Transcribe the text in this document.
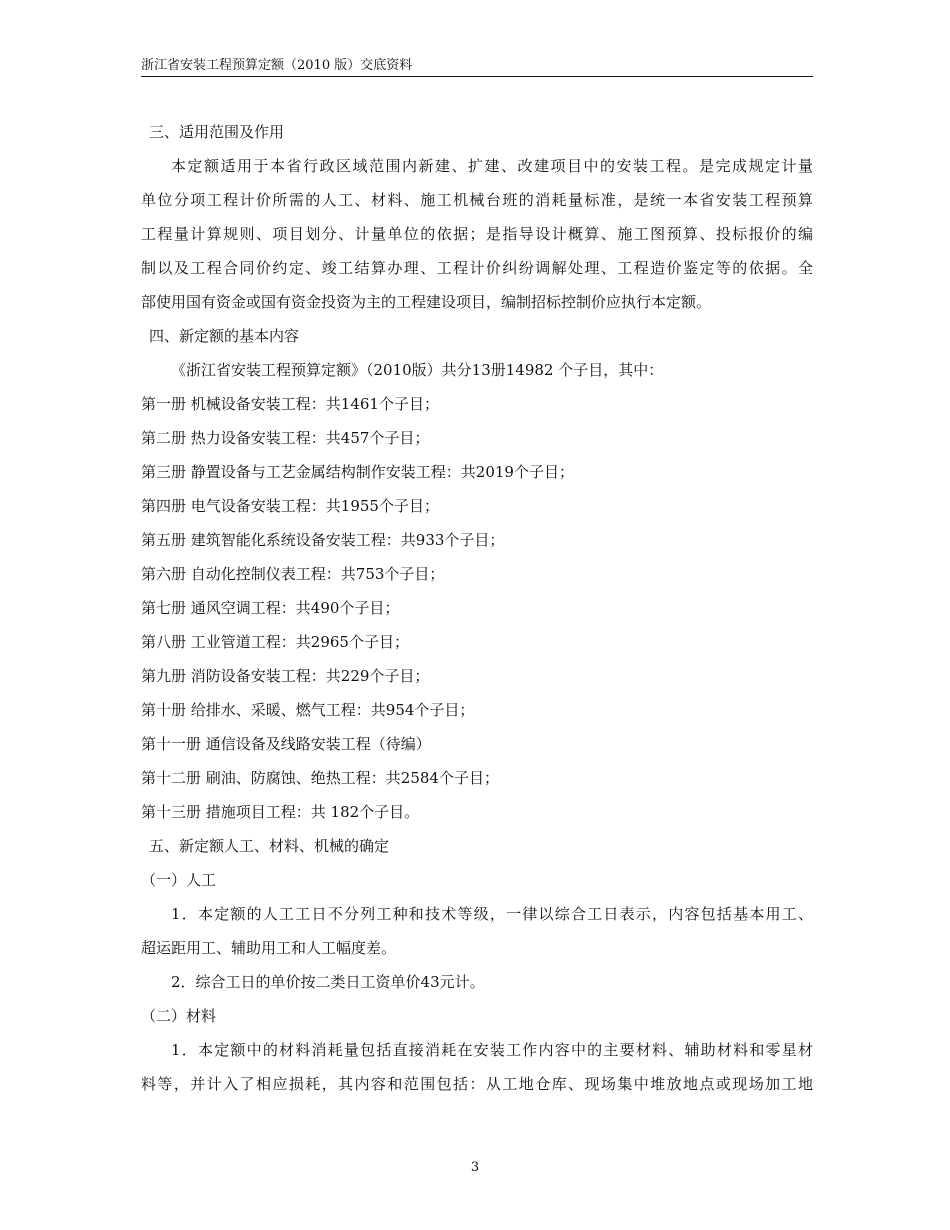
浙江省安装工程预算定额（2010 版）交底资料
三、适用范围及作用
本定额适用于本省行政区域范围内新建、扩建、改建项目中的安装工程。是完成规定计量
单位分项工程计价所需的人工、材料、施工机械台班的消耗量标准，是统一本省安装工程预算
工程量计算规则、项目划分、计量单位的依据；是指导设计概算、施工图预算、投标报价的编
制以及工程合同价约定、竣工结算办理、工程计价纠纷调解处理、工程造价鉴定等的依据。全
部使用国有资金或国有资金投资为主的工程建设项目，编制招标控制价应执行本定额。
四、新定额的基本内容
《浙江省安装工程预算定额》（2010版）共分13册14982 个子目，其中：
第一册 机械设备安装工程：共1461个子目；
第二册 热力设备安装工程：共457个子目；
第三册 静置设备与工艺金属结构制作安装工程：共2019个子目；
第四册 电气设备安装工程：共1955个子目；
第五册 建筑智能化系统设备安装工程：共933个子目；
第六册 自动化控制仪表工程：共753个子目；
第七册 通风空调工程：共490个子目；
第八册 工业管道工程：共2965个子目；
第九册 消防设备安装工程：共229个子目；
第十册 给排水、采暖、燃气工程：共954个子目；
第十一册 通信设备及线路安装工程（待编）
第十二册 刷油、防腐蚀、绝热工程：共2584个子目；
第十三册 措施项目工程：共 182个子目。
五、新定额人工、材料、机械的确定
（一）人工
1．本定额的人工工日不分列工种和技术等级，一律以综合工日表示，内容包括基本用工、
超运距用工、辅助用工和人工幅度差。
2．综合工日的单价按二类日工资单价43元计。
（二）材料
1．本定额中的材料消耗量包括直接消耗在安装工作内容中的主要材料、辅助材料和零星材
料等，并计入了相应损耗，其内容和范围包括：从工地仓库、现场集中堆放地点或现场加工地
3
